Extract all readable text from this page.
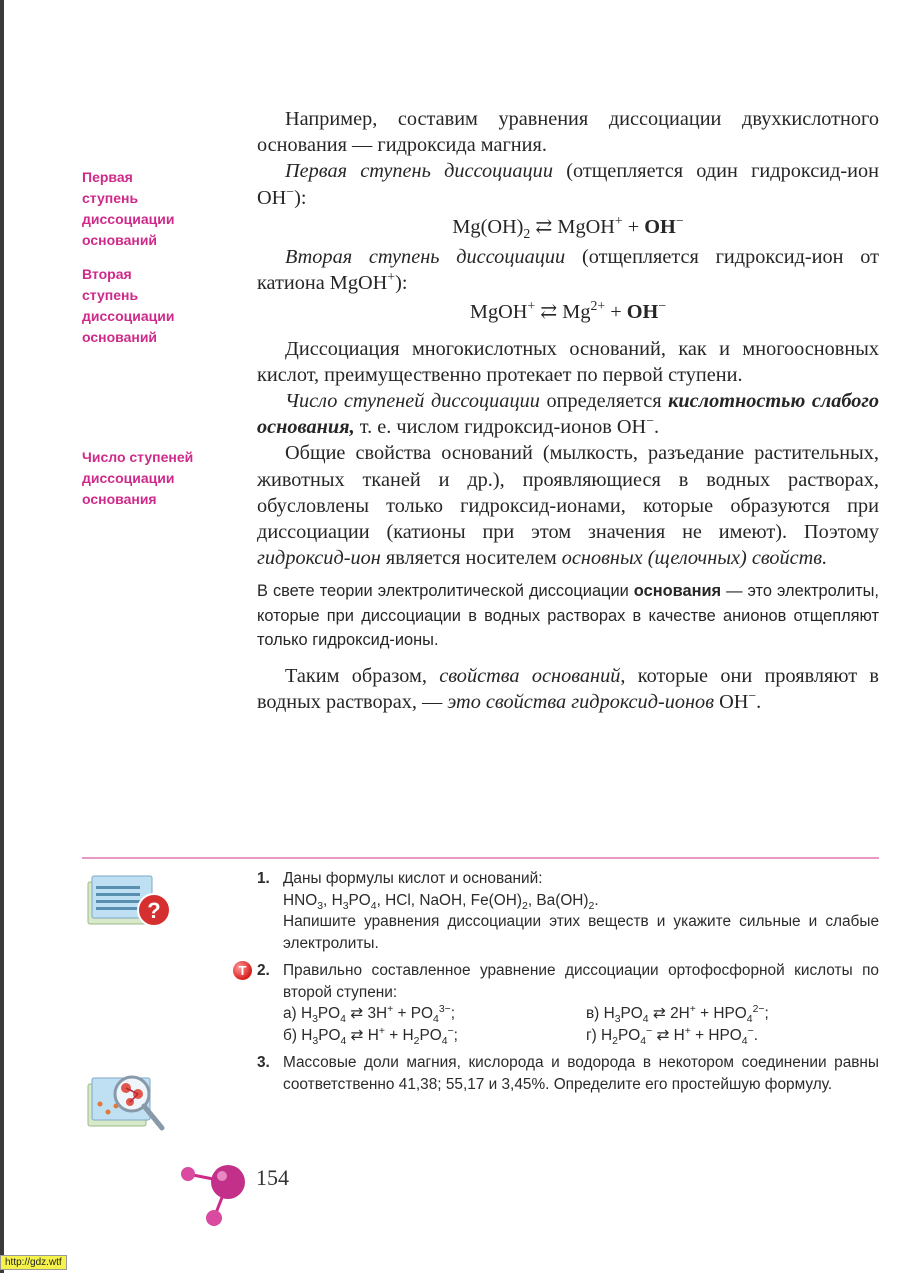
Первая
ступень
диссоциации
оснований
Вторая
ступень
диссоциации
оснований
Число ступеней
диссоциации
основания

Например, составим уравнения диссоциации двухкислотного основания — гидроксида магния.

Первая ступень диссоциации (отщепляется один гидроксид-ион OH−):

$Mg(OH)_2$ ⇄ MgOH+ + OH−

Вторая ступень диссоциации (отщепляется гидроксид-ион от катиона MgOH+):

MgOH+ ⇄ $Mg^{2+} + OH^-$

Диссоциация многокислотных оснований, как и многоосновных кислот, преимущественно протекает по первой ступени.

Число ступеней диссоциации определяется кислотностью слабого основания, т. е. числом гидроксид-ионов OH−.

Общие свойства оснований (мылкость, разъедание растительных, животных тканей и др.), проявляющиеся в водных растворах, обусловлены только гидроксид-ионами, которые образуются при диссоциации (катионы при этом значения не имеют). Поэтому гидроксид-ион является носителем основных (щелочных) свойств.

В свете теории электролитической диссоциации основания — это электролиты, которые при диссоциации в водных растворах в качестве анионов отщепляют только гидроксид-ионы.

Таким образом, свойства оснований, которые они проявляют в водных растворах, — это свойства гидроксид-ионов OH−.

?
1. Даны формулы кислот и оснований:
$HNO_3$, $H_3PO_4$, HCl, NaOH, $Fe(OH)_2$, $Ba(OH)_2$.
Напишите уравнения диссоциации этих веществ и укажите сильные и слабые электролиты.
T 2. Правильно составленное уравнение диссоциации ортофосфорной кислоты по второй ступени:
а) $H_3PO_4$ ⇄ $3H^+ + PO_4^{3-}$;	в) $H_3PO_4$ ⇄ $2H^+ + HPO_4^{2-}$;
б) $H_3PO_4$ ⇄ $H^+ + H_2PO_4^-$;	г) $H_2PO_4^-$ ⇄ $H^+ + HPO_4^-$.
3. Массовые доли магния, кислорода и водорода в некотором соединении равны соответственно 41,38; 55,17 и 3,45%. Определите его простейшую формулу.
154
http://gdz.wtf
